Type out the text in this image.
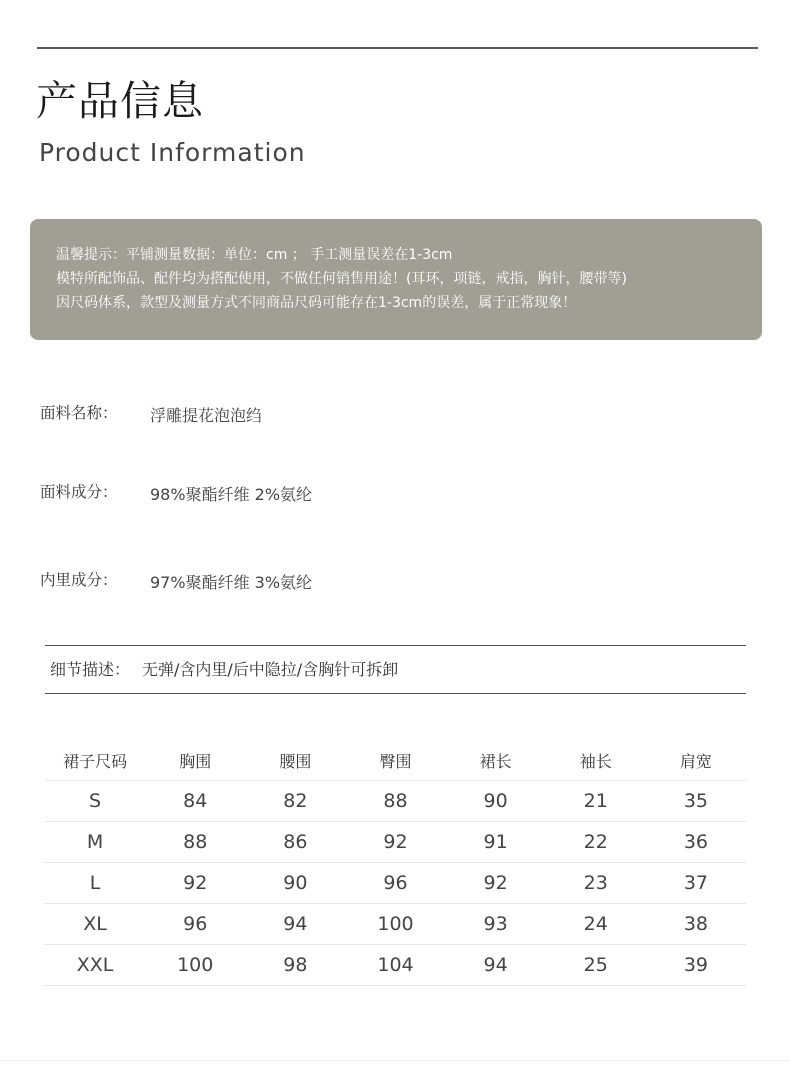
产品信息
Product Information
温馨提示：平铺测量数据：单位：cm ； 手工测量误差在1-3cm
模特所配饰品、配件均为搭配使用，不做任何销售用途！(耳环，项链，戒指，胸针，腰带等)
因尺码体系，款型及测量方式不同商品尺码可能存在1-3cm的误差，属于正常现象！
面料名称： 浮雕提花泡泡绉
面料成分： 98%聚酯纤维 2%氨纶
内里成分： 97%聚酯纤维 3%氨纶
细节描述： 无弹/含内里/后中隐拉/含胸针可拆卸
裙子尺码	胸围	腰围	臀围	裙长	袖长	肩宽
S	84	82	88	90	21	35
M	88	86	92	91	22	36
L	92	90	96	92	23	37
XL	96	94	100	93	24	38
XXL	100	98	104	94	25	39
